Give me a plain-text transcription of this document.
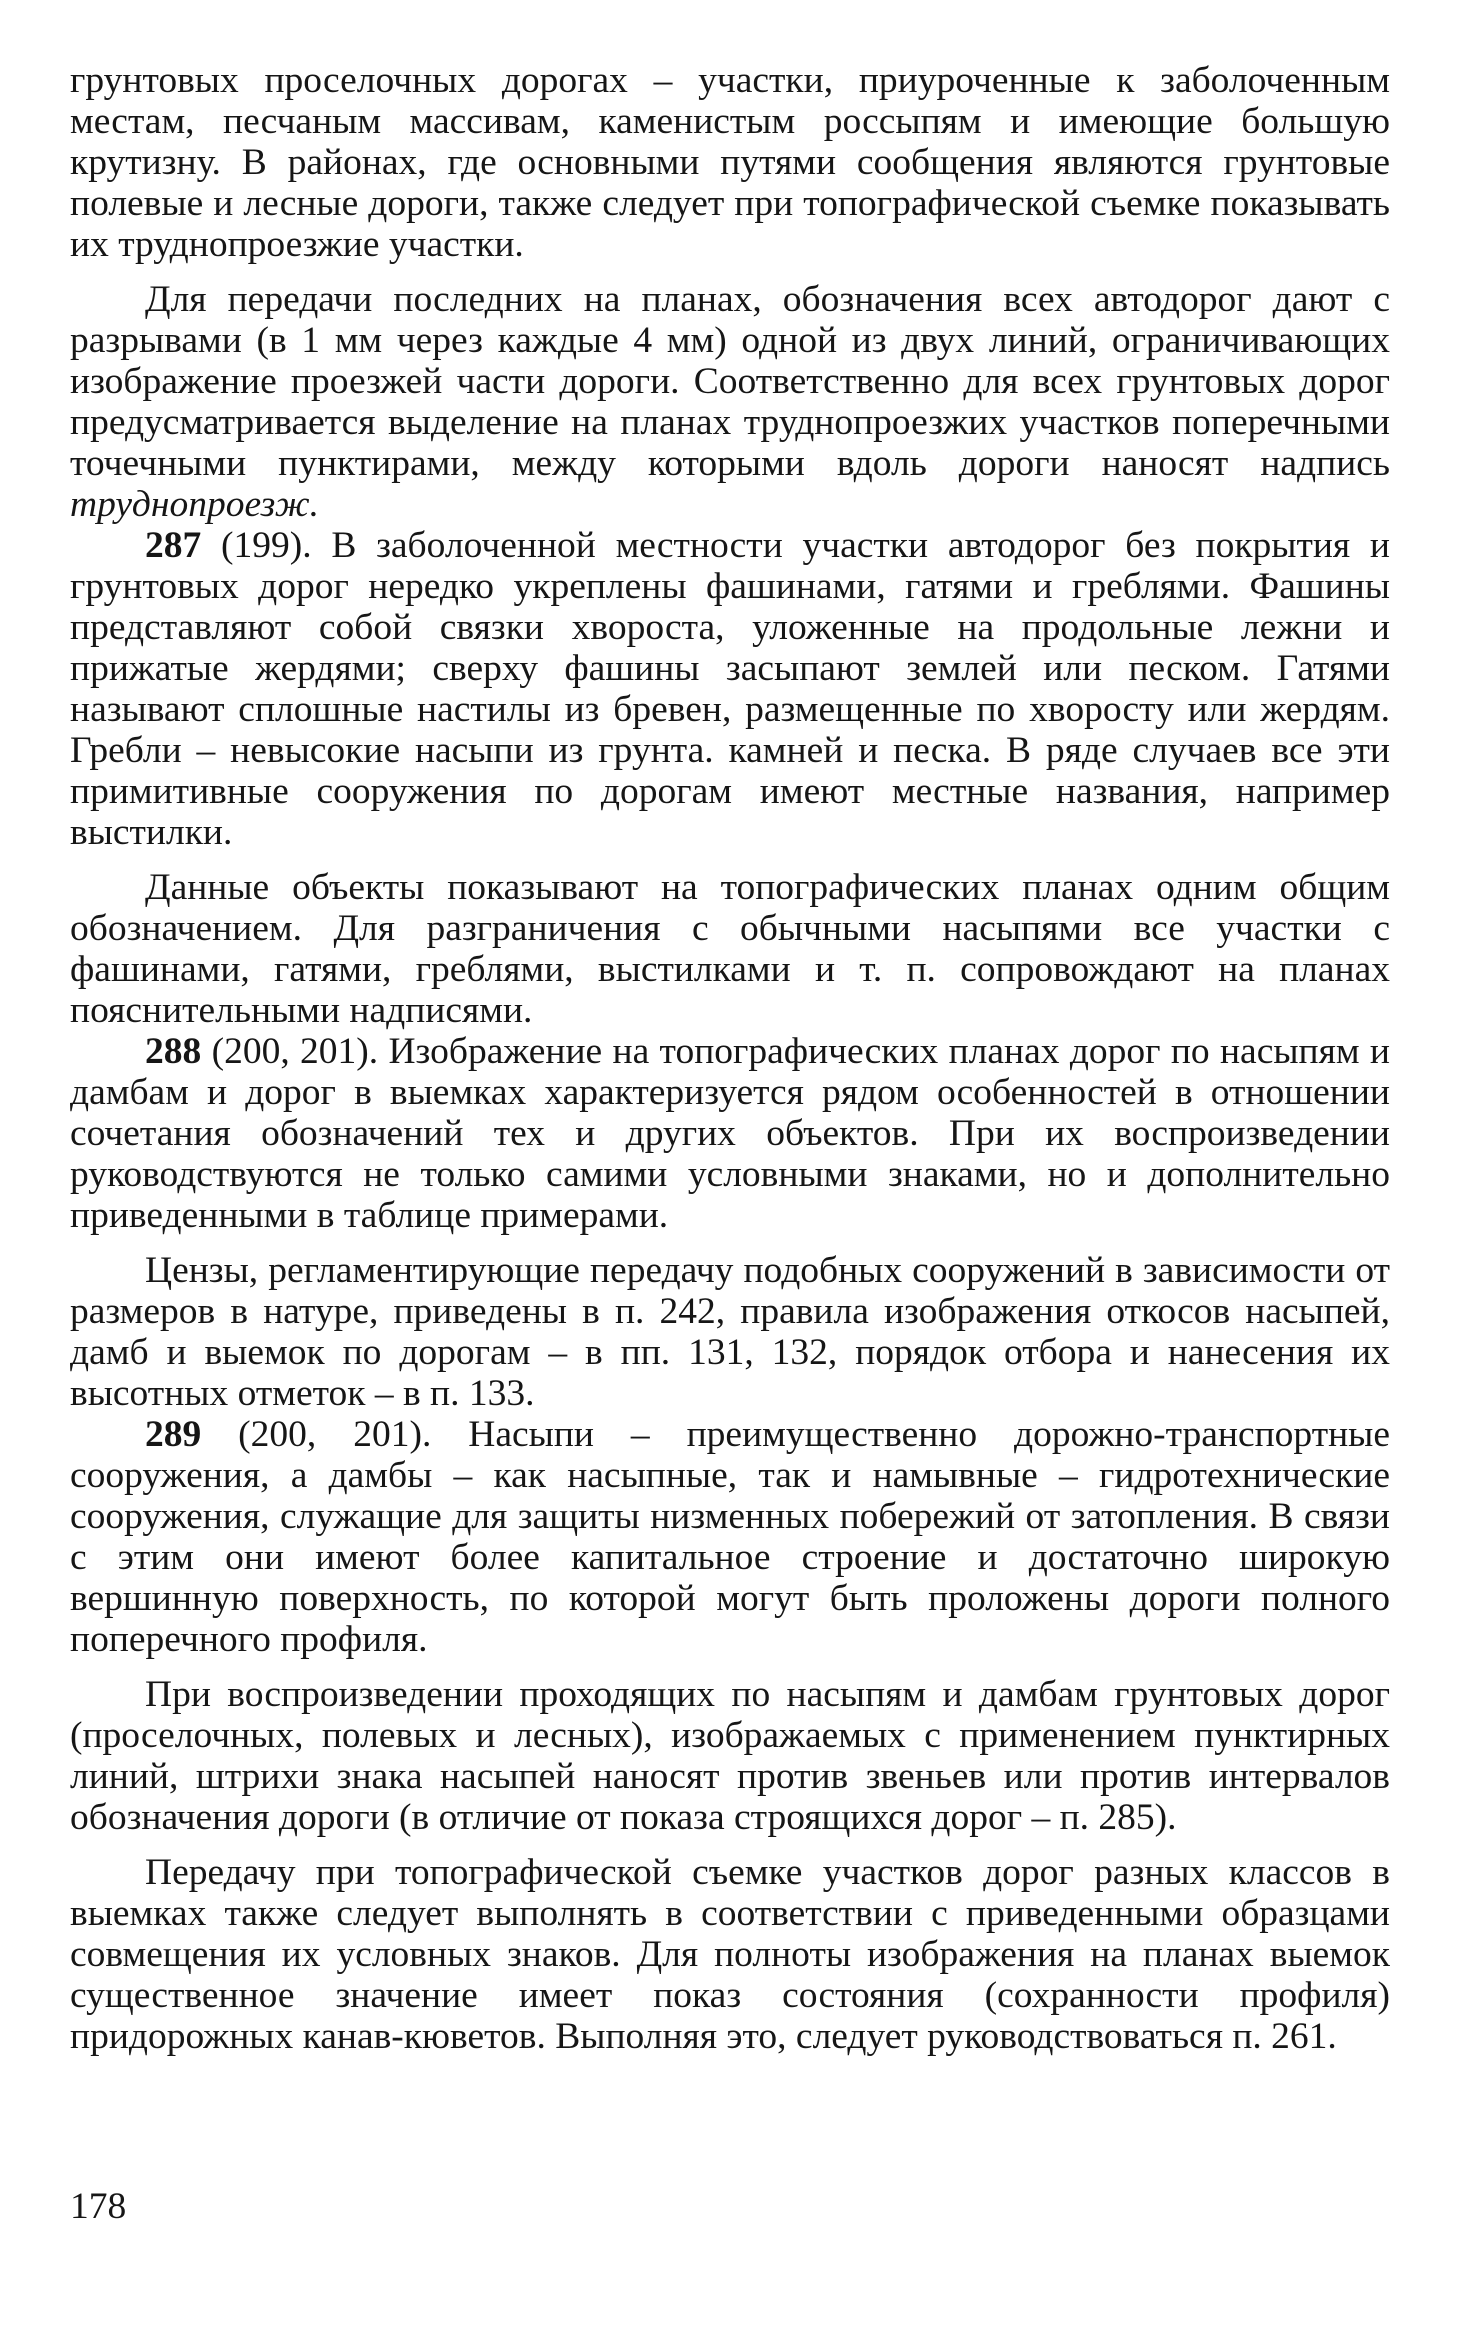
грунтовых проселочных дорогах – участки, приуроченные к заболоченным местам, песчаным массивам, каменистым россыпям и имеющие большую крутизну. В районах, где основными путями сообщения являются грунтовые полевые и лесные дороги, также следует при топографической съемке показывать их труднопроезжие участки.

Для передачи последних на планах, обозначения всех автодорог дают с разрывами (в 1 мм через каждые 4 мм) одной из двух линий, ограничивающих изображение проезжей части дороги. Соответственно для всех грунтовых дорог предусматривается выделение на планах труднопроезжих участков поперечными точечными пунктирами, между которыми вдоль дороги наносят надпись труднопроезж.

287 (199). В заболоченной местности участки автодорог без покрытия и грунтовых дорог нередко укреплены фашинами, гатями и греблями. Фашины представляют собой связки хвороста, уложенные на продольные лежни и прижатые жердями; сверху фашины засыпают землей или песком. Гатями называют сплошные настилы из бревен, размещенные по хворосту или жердям. Гребли – невысокие насыпи из грунта. камней и песка. В ряде случаев все эти примитивные сооружения по дорогам имеют местные названия, например выстилки.

Данные объекты показывают на топографических планах одним общим обозначением. Для разграничения с обычными насыпями все участки с фашинами, гатями, греблями, выстилками и т. п. сопровождают на планах пояснительными надписями.

288 (200, 201). Изображение на топографических планах дорог по насыпям и дамбам и дорог в выемках характеризуется рядом особенностей в отношении сочетания обозначений тех и других объектов. При их воспроизведении руководствуются не только самими условными знаками, но и дополнительно приведенными в таблице примерами.

Цензы, регламентирующие передачу подобных сооружений в зависимости от размеров в натуре, приведены в п. 242, правила изображения откосов насыпей, дамб и выемок по дорогам – в пп. 131, 132, порядок отбора и нанесения их высотных отметок – в п. 133.

289 (200, 201). Насыпи – преимущественно дорожно-транспортные сооружения, а дамбы – как насыпные, так и намывные – гидротехнические сооружения, служащие для защиты низменных побережий от затопления. В связи с этим они имеют более капитальное строение и достаточно широкую вершинную поверхность, по которой могут быть проложены дороги полного поперечного профиля.

При воспроизведении проходящих по насыпям и дамбам грунтовых дорог (проселочных, полевых и лесных), изображаемых с применением пунктирных линий, штрихи знака насыпей наносят против звеньев или против интервалов обозначения дороги (в отличие от показа строящихся дорог – п. 285).

Передачу при топографической съемке участков дорог разных классов в выемках также следует выполнять в соответствии с приведенными образцами совмещения их условных знаков. Для полноты изображения на планах выемок существенное значение имеет показ состояния (сохранности профиля) придорожных канав-кюветов. Выполняя это, следует руководствоваться п. 261.

178
